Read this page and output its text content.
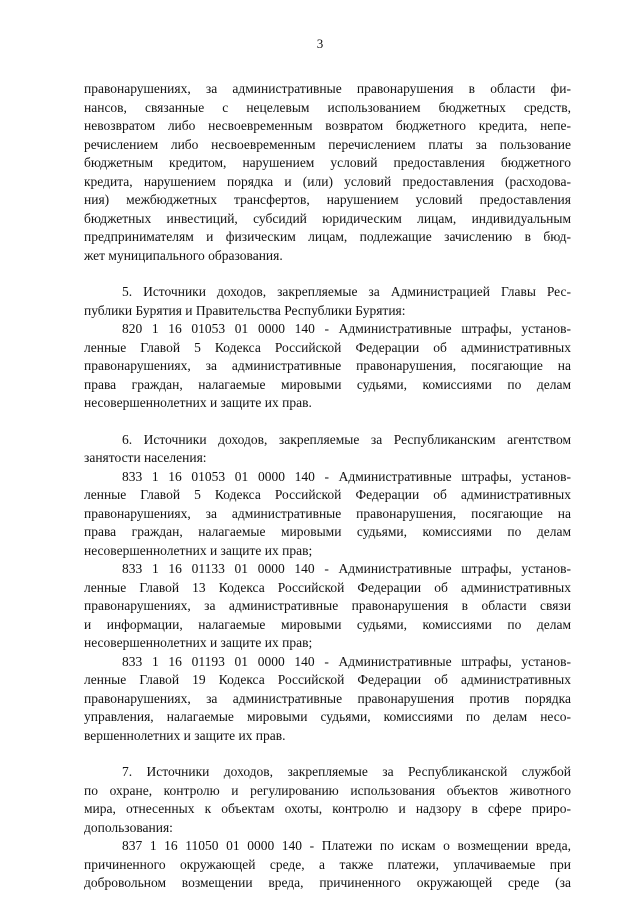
3
правонарушениях, за административные правонарушения в области фи-
нансов, связанные с нецелевым использованием бюджетных средств,
невозвратом либо несвоевременным возвратом бюджетного кредита, непе-
речислением либо несвоевременным перечислением платы за пользование
бюджетным кредитом, нарушением условий предоставления бюджетного
кредита, нарушением порядка и (или) условий предоставления (расходова-
ния) межбюджетных трансфертов, нарушением условий предоставления
бюджетных инвестиций, субсидий юридическим лицам, индивидуальным
предпринимателям и физическим лицам, подлежащие зачислению в бюд-
жет муниципального образования.
5. Источники доходов, закрепляемые за Администрацией Главы Рес-
публики Бурятия и Правительства Республики Бурятия:
820 1 16 01053 01 0000 140 - Административные штрафы, установ-
ленные Главой 5 Кодекса Российской Федерации об административных
правонарушениях, за административные правонарушения, посягающие на
права граждан, налагаемые мировыми судьями, комиссиями по делам
несовершеннолетних и защите их прав.
6. Источники доходов, закрепляемые за Республиканским агентством
занятости населения:
833 1 16 01053 01 0000 140 - Административные штрафы, установ-
ленные Главой 5 Кодекса Российской Федерации об административных
правонарушениях, за административные правонарушения, посягающие на
права граждан, налагаемые мировыми судьями, комиссиями по делам
несовершеннолетних и защите их прав;
833 1 16 01133 01 0000 140 - Административные штрафы, установ-
ленные Главой 13 Кодекса Российской Федерации об административных
правонарушениях, за административные правонарушения в области связи
и информации, налагаемые мировыми судьями, комиссиями по делам
несовершеннолетних и защите их прав;
833 1 16 01193 01 0000 140 - Административные штрафы, установ-
ленные Главой 19 Кодекса Российской Федерации об административных
правонарушениях, за административные правонарушения против порядка
управления, налагаемые мировыми судьями, комиссиями по делам несо-
вершеннолетних и защите их прав.
7. Источники доходов, закрепляемые за Республиканской службой
по охране, контролю и регулированию использования объектов животного
мира, отнесенных к объектам охоты, контролю и надзору в сфере приро-
допользования:
837 1 16 11050 01 0000 140 - Платежи по искам о возмещении вреда,
причиненного окружающей среде, а также платежи, уплачиваемые при
добровольном возмещении вреда, причиненного окружающей среде (за
